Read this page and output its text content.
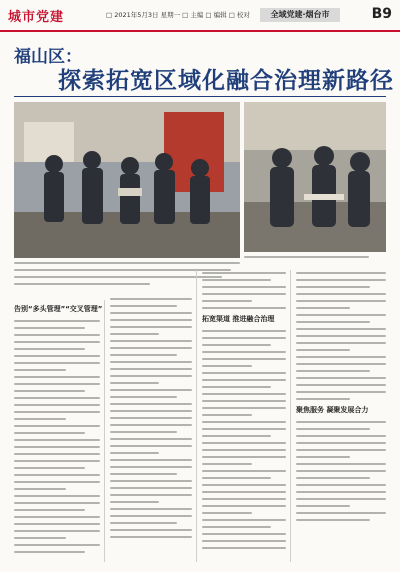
城市党建	□ 2021年5月3日 星期一 □ 主编 □ 编辑 □ 校对	全域党建·烟台市	B9
福山区：
探索拓宽区域化融合治理新路径
告别“多头管理”“交叉管理”
拓宽渠道 推进融合治理
聚焦服务 凝聚发展合力
